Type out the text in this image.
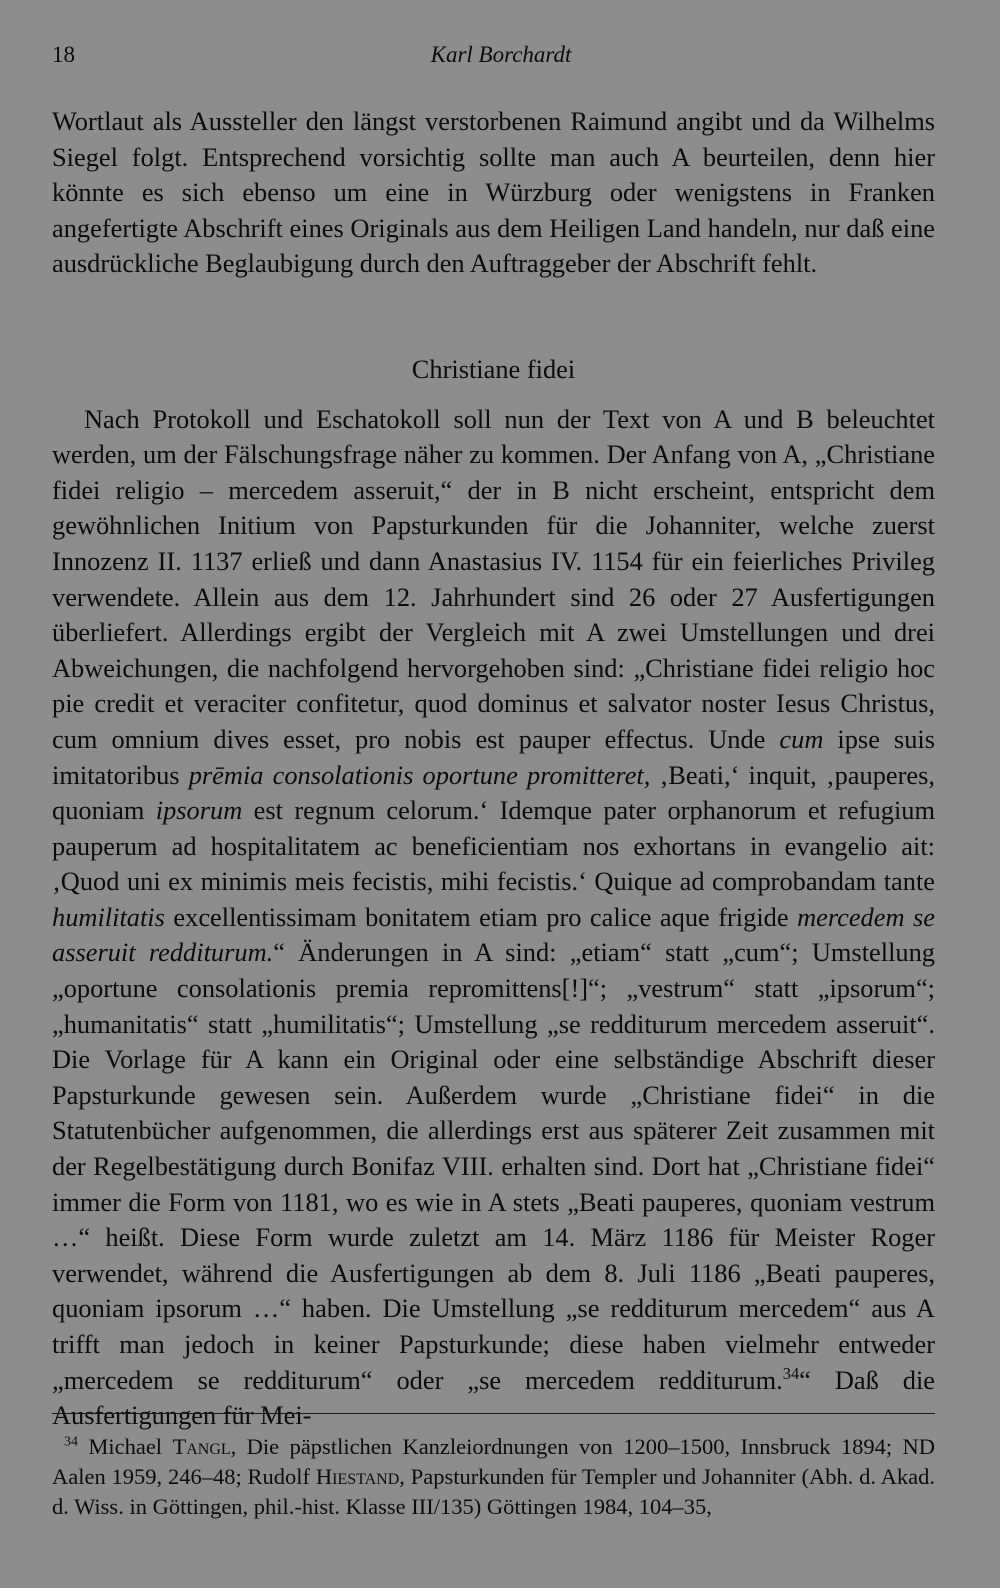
18	Karl Borchardt

Wortlaut als Aussteller den längst verstorbenen Raimund angibt und da Wilhelms Siegel folgt. Entsprechend vorsichtig sollte man auch A beurteilen, denn hier könnte es sich ebenso um eine in Würzburg oder wenigstens in Franken angefertigte Abschrift eines Originals aus dem Heiligen Land handeln, nur daß eine ausdrückliche Beglaubigung durch den Auftraggeber der Abschrift fehlt.

Christiane fidei

Nach Protokoll und Eschatokoll soll nun der Text von A und B beleuchtet werden, um der Fälschungsfrage näher zu kommen. Der Anfang von A, „Christiane fidei religio – mercedem asseruit,“ der in B nicht erscheint, entspricht dem gewöhnlichen Initium von Papsturkunden für die Johanniter, welche zuerst Innozenz II. 1137 erließ und dann Anastasius IV. 1154 für ein feierliches Privileg verwendete. Allein aus dem 12. Jahrhundert sind 26 oder 27 Ausfertigungen überliefert. Allerdings ergibt der Vergleich mit A zwei Umstellungen und drei Abweichungen, die nachfolgend hervorgehoben sind: „Christiane fidei religio hoc pie credit et veraciter confitetur, quod dominus et salvator noster Iesus Christus, cum omnium dives esset, pro nobis est pauper effectus. Unde cum ipse suis imitatoribus prēmia consolationis oportune promitteret, ‚Beati,‘ inquit, ‚pauperes, quoniam ipsorum est regnum celorum.‘ Idemque pater orphanorum et refugium pauperum ad hospitalitatem ac beneficientiam nos exhortans in evangelio ait: ‚Quod uni ex minimis meis fecistis, mihi fecistis.‘ Quique ad comprobandam tante humilitatis excellentissimam bonitatem etiam pro calice aque frigide mercedem se asseruit redditurum.“ Änderungen in A sind: „etiam“ statt „cum“; Umstellung „oportune consolationis premia repromittens[!]“; „vestrum“ statt „ipsorum“; „humanitatis“ statt „humilitatis“; Umstellung „se redditurum mercedem asseruit“. Die Vorlage für A kann ein Original oder eine selbständige Abschrift dieser Papsturkunde gewesen sein. Außerdem wurde „Christiane fidei“ in die Statutenbücher aufgenommen, die allerdings erst aus späterer Zeit zusammen mit der Regelbestätigung durch Bonifaz VIII. erhalten sind. Dort hat „Christiane fidei“ immer die Form von 1181, wo es wie in A stets „Beati pauperes, quoniam vestrum …“ heißt. Diese Form wurde zuletzt am 14. März 1186 für Meister Roger verwendet, während die Ausfertigungen ab dem 8. Juli 1186 „Beati pauperes, quoniam ipsorum …“ haben. Die Umstellung „se redditurum mercedem“ aus A trifft man jedoch in keiner Papsturkunde; diese haben vielmehr entweder „mercedem se redditurum“ oder „se mercedem redditurum.$^{34}$“ Daß die Ausfertigungen für Mei-

$^{34}$ Michael Tangl, Die päpstlichen Kanzleiordnungen von 1200–1500, Innsbruck 1894; ND Aalen 1959, 246–48; Rudolf Hiestand, Papsturkunden für Templer und Johanniter (Abh. d. Akad. d. Wiss. in Göttingen, phil.-hist. Klasse III/135) Göttingen 1984, 104–35,
